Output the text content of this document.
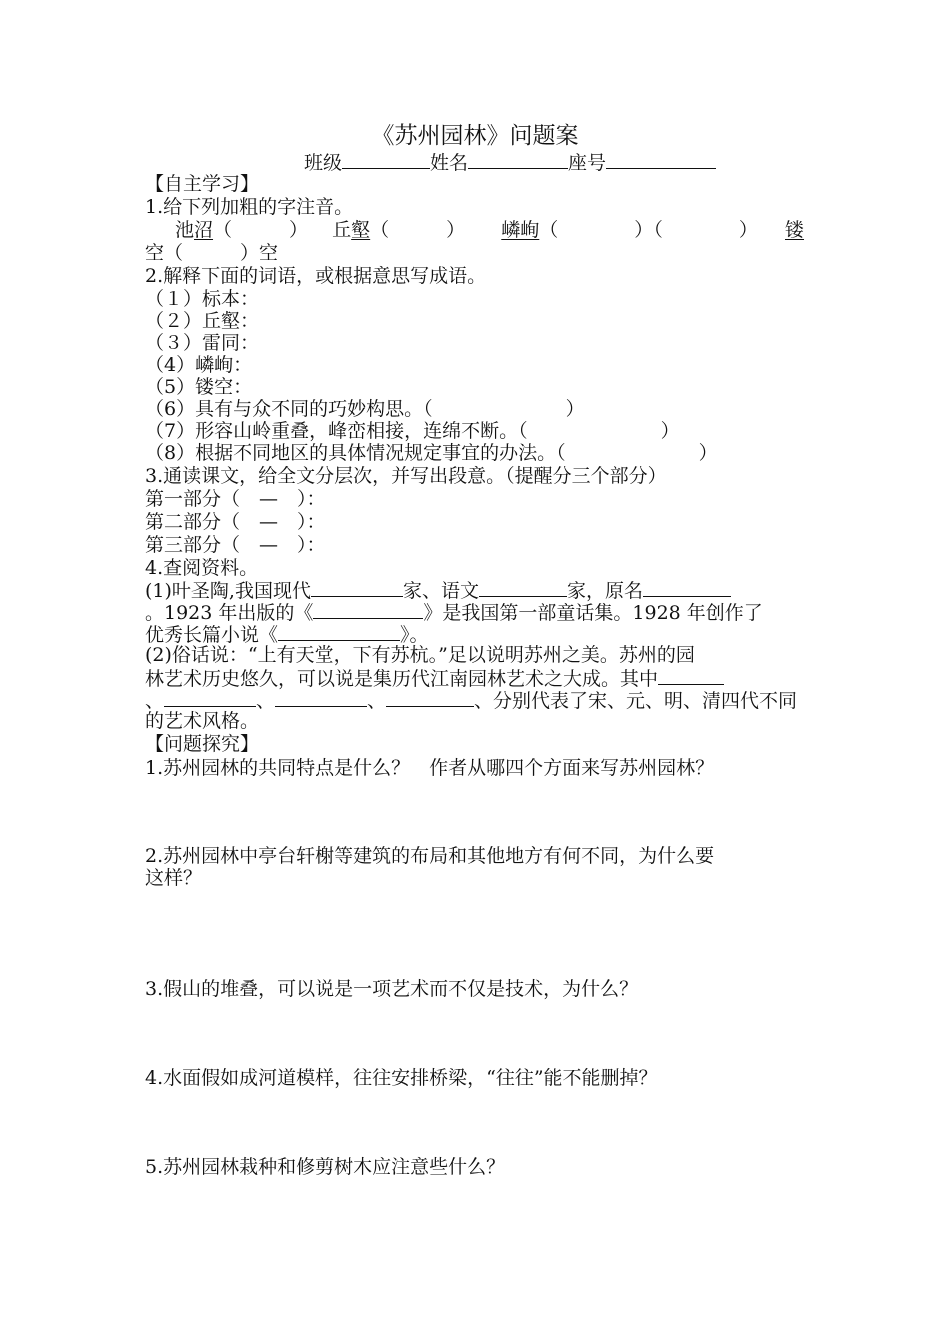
《苏州园林》问题案
班级	姓名	座号
【自主学习】
1.给下列加粗的字注音。
池沼（　　　） 丘壑（　　　） 嶙峋（　　　　）（　　　　） 镂
空（　　　）空
2.解释下面的词语，或根据意思写成语。
（１）标本：
（２）丘壑：
（３）雷同：
（4）嶙峋：
（5）镂空：
（6）具有与众不同的巧妙构思。（　　　　　　　）
（7）形容山岭重叠，峰峦相接，连绵不断。（　　　　　　　）
（8）根据不同地区的具体情况规定事宜的办法。（　　　　　　　）
3.通读课文，给全文分层次，并写出段意。（提醒分三个部分）
第一部分（　—　）：
第二部分（　—　）：
第三部分（　—　）：
4.查阅资料。
(1)叶圣陶,我国现代	家、语文	家，原名
。1923 年出版的《	》是我国第一部童话集。1928 年创作了
优秀长篇小说《	》。
(2)俗话说：“上有天堂，下有苏杭。”足以说明苏州之美。苏州的园
林艺术历史悠久，可以说是集历代江南园林艺术之大成。其中
、	、	、	、分别代表了宋、元、明、清四代不同
的艺术风格。
【问题探究】
1.苏州园林的共同特点是什么？　作者从哪四个方面来写苏州园林？
2.苏州园林中亭台轩榭等建筑的布局和其他地方有何不同，为什么要
这样？
3.假山的堆叠，可以说是一项艺术而不仅是技术，为什么？
4.水面假如成河道模样，往往安排桥梁，“往往”能不能删掉？
5.苏州园林栽种和修剪树木应注意些什么？
